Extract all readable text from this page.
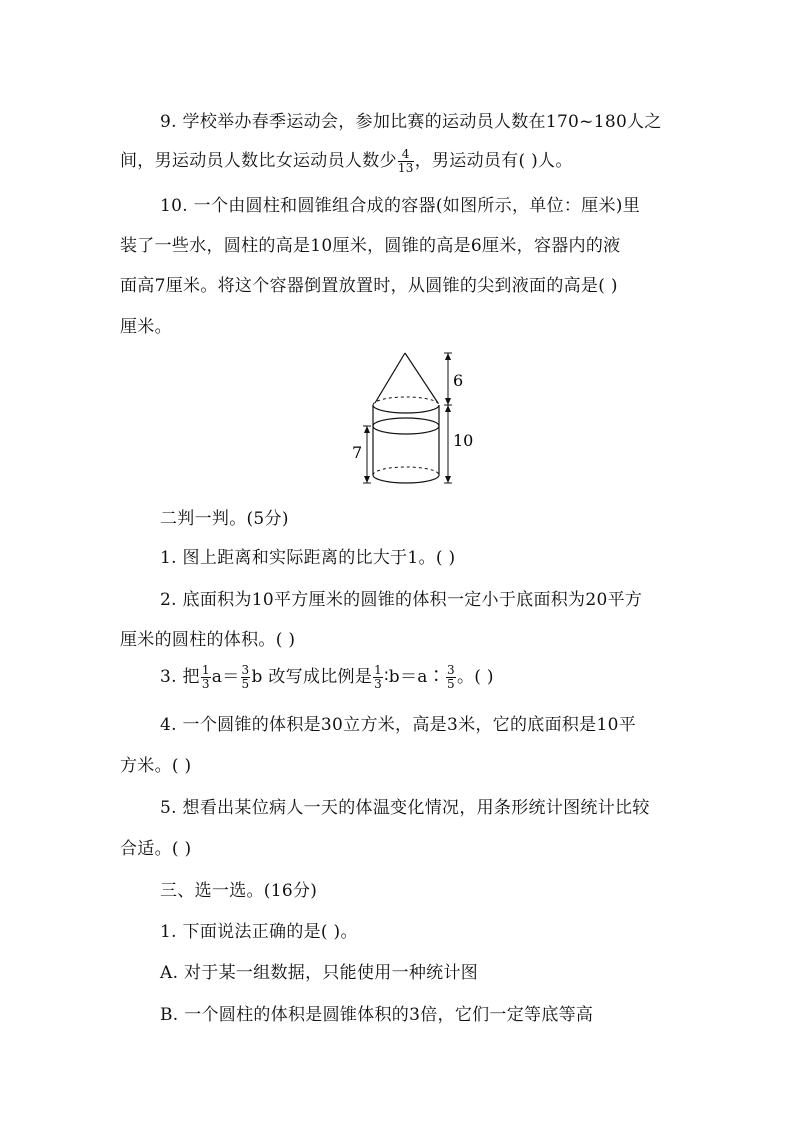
9. 学校举办春季运动会，参加比赛的运动员人数在170~180人之
间，男运动员人数比女运动员人数少 $\frac{4}{13}$ ，男运动员有( )人。
10. 一个由圆柱和圆锥组合成的容器(如图所示，单位：厘米)里
装了一些水，圆柱的高是10厘米，圆锥的高是6厘米，容器内的液
面高7厘米。将这个容器倒置放置时，从圆锥的尖到液面的高是( )
厘米。
6
10
7
二判一判。(5分)
1. 图上距离和实际距离的比大于1。( )
2. 底面积为10平方厘米的圆锥的体积一定小于底面积为20平方
厘米的圆柱的体积。( )
3. 把 $\frac{1}{3} a= \frac{3}{5}$ b 改写成比例是 $\frac{1}{3}$ ∶b＝a∶ $\frac{3}{5}$ 。( )
4. 一个圆锥的体积是30立方米，高是3米，它的底面积是10平
方米。( )
5. 想看出某位病人一天的体温变化情况，用条形统计图统计比较
合适。( )
三、选一选。(16分)
1. 下面说法正确的是( )。
A. 对于某一组数据，只能使用一种统计图
B. 一个圆柱的体积是圆锥体积的3倍，它们一定等底等高
